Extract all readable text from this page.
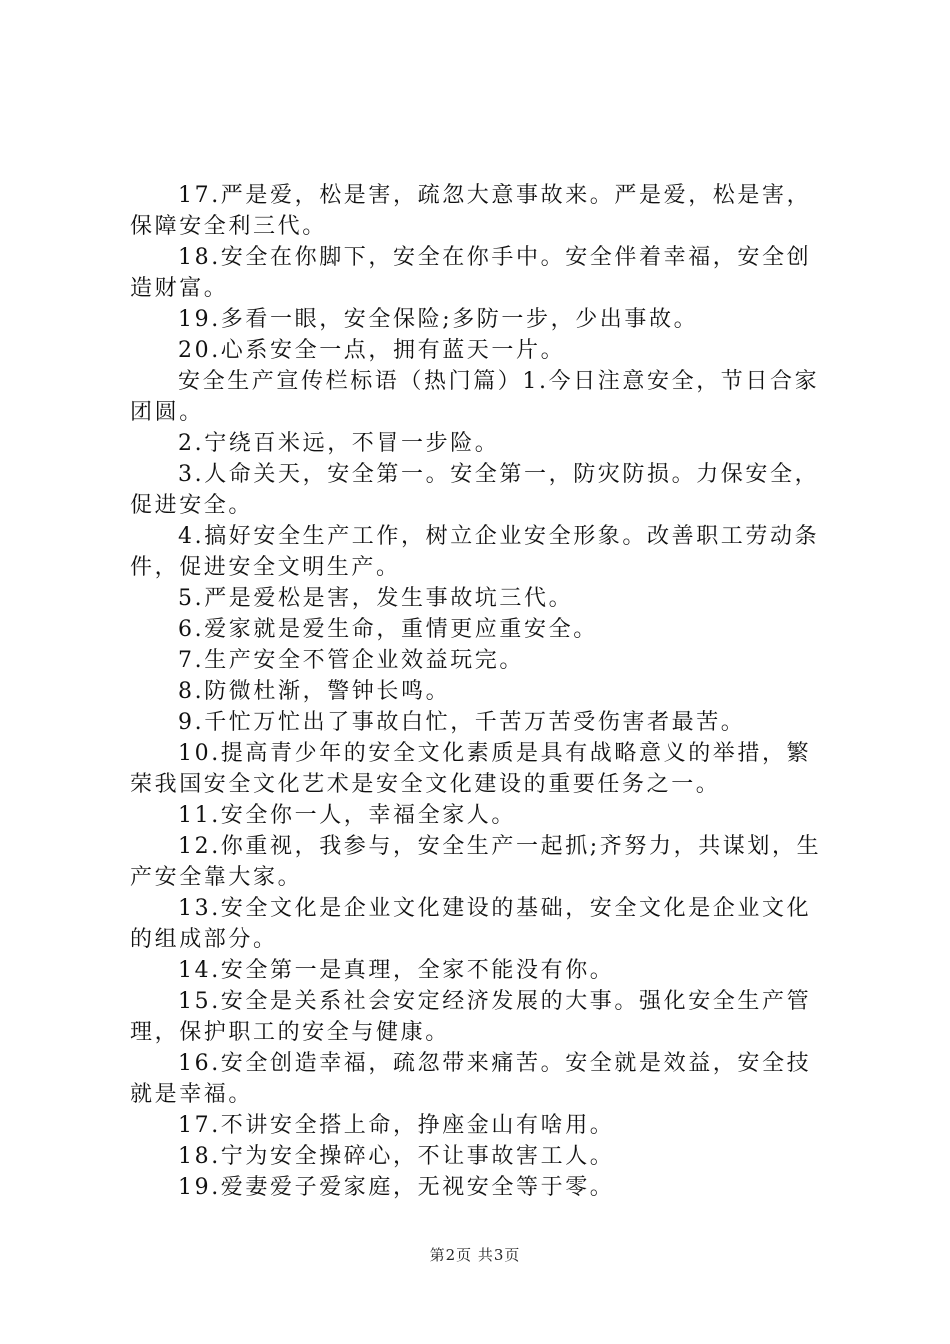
17.严是爱，松是害，疏忽大意事故来。严是爱，松是害，保障安全利三代。

18.安全在你脚下，安全在你手中。安全伴着幸福，安全创造财富。

19.多看一眼，安全保险;多防一步，少出事故。

20.心系安全一点，拥有蓝天一片。

安全生产宣传栏标语（热门篇）1.今日注意安全，节日合家团圆。

2.宁绕百米远，不冒一步险。

3.人命关天，安全第一。安全第一，防灾防损。力保安全，促进安全。

4.搞好安全生产工作，树立企业安全形象。改善职工劳动条件，促进安全文明生产。

5.严是爱松是害，发生事故坑三代。

6.爱家就是爱生命，重情更应重安全。

7.生产安全不管企业效益玩完。

8.防微杜渐，警钟长鸣。

9.千忙万忙出了事故白忙，千苦万苦受伤害者最苦。

10.提高青少年的安全文化素质是具有战略意义的举措，繁荣我国安全文化艺术是安全文化建设的重要任务之一。

11.安全你一人，幸福全家人。

12.你重视，我参与，安全生产一起抓;齐努力，共谋划，生产安全靠大家。

13.安全文化是企业文化建设的基础，安全文化是企业文化的组成部分。

14.安全第一是真理，全家不能没有你。

15.安全是关系社会安定经济发展的大事。强化安全生产管理，保护职工的安全与健康。

16.安全创造幸福，疏忽带来痛苦。安全就是效益，安全技就是幸福。

17.不讲安全搭上命，挣座金山有啥用。

18.宁为安全操碎心，不让事故害工人。

19.爱妻爱子爱家庭，无视安全等于零。

第2页 共3页
